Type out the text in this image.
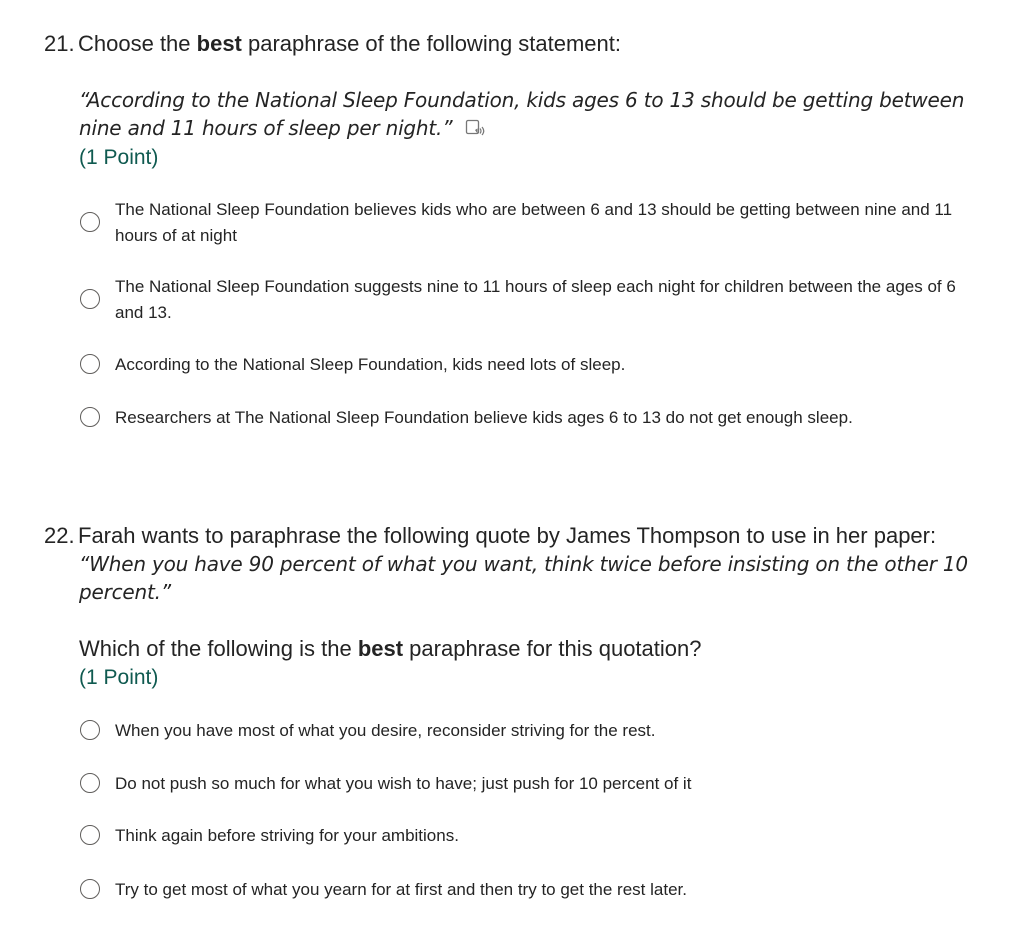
21. Choose the best paraphrase of the following statement:
“According to the National Sleep Foundation, kids ages 6 to 13 should be getting between nine and 11 hours of sleep per night.”
(1 Point)
The National Sleep Foundation believes kids who are between 6 and 13 should be getting between nine and 11 hours of at night
The National Sleep Foundation suggests nine to 11 hours of sleep each night for children between the ages of 6 and 13.
According to the National Sleep Foundation, kids need lots of sleep.
Researchers at The National Sleep Foundation believe kids ages 6 to 13 do not get enough sleep.
22. Farah wants to paraphrase the following quote by James Thompson to use in her paper:
“When you have 90 percent of what you want, think twice before insisting on the other 10 percent.”
Which of the following is the best paraphrase for this quotation?
(1 Point)
When you have most of what you desire, reconsider striving for the rest.
Do not push so much for what you wish to have; just push for 10 percent of it
Think again before striving for your ambitions.
Try to get most of what you yearn for at first and then try to get the rest later.
